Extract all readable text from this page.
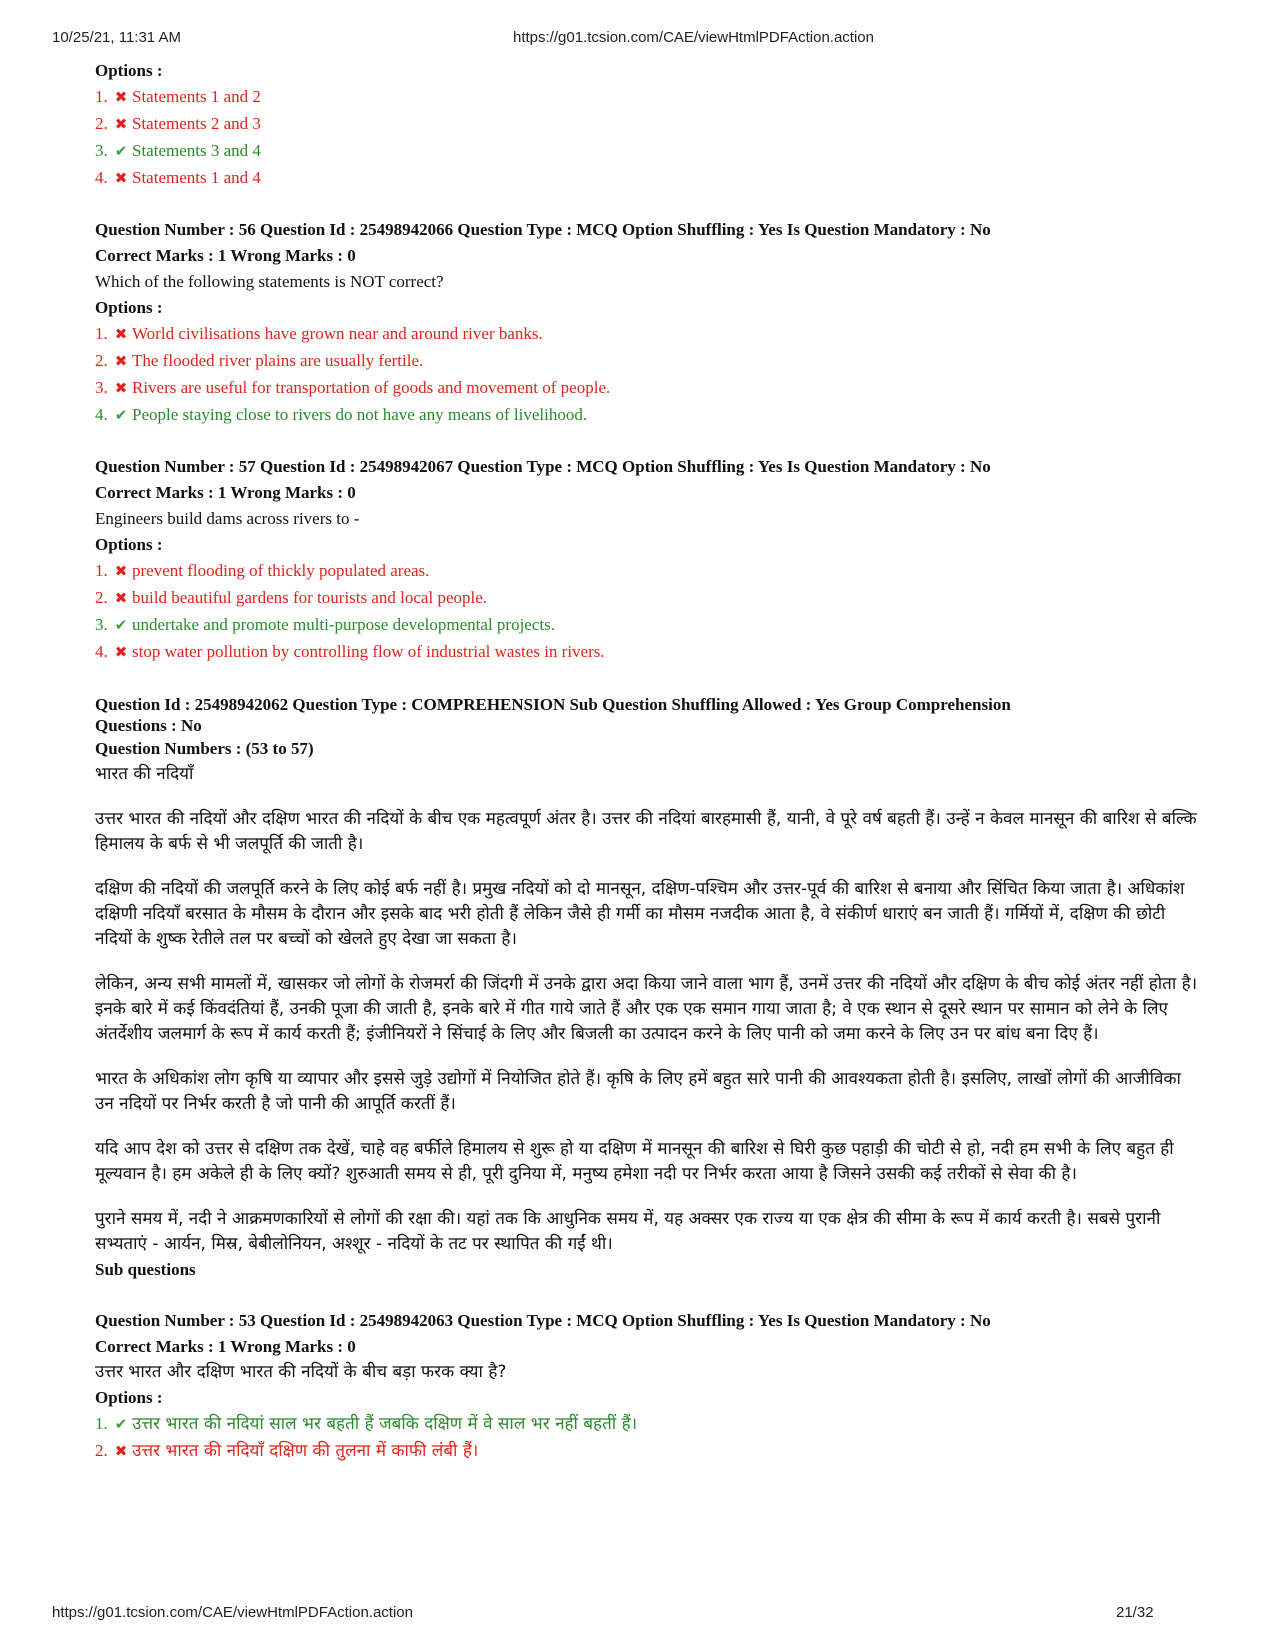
10/25/21, 11:31 AM	https://g01.tcsion.com/CAE/viewHtmlPDFAction.action
Options :
1. ✖ Statements 1 and 2
2. ✖ Statements 2 and 3
3. ✔ Statements 3 and 4
4. ✖ Statements 1 and 4
Question Number : 56 Question Id : 25498942066 Question Type : MCQ Option Shuffling : Yes Is Question Mandatory : No
Correct Marks : 1 Wrong Marks : 0
Which of the following statements is NOT correct?
Options :
1. ✖ World civilisations have grown near and around river banks.
2. ✖ The flooded river plains are usually fertile.
3. ✖ Rivers are useful for transportation of goods and movement of people.
4. ✔ People staying close to rivers do not have any means of livelihood.
Question Number : 57 Question Id : 25498942067 Question Type : MCQ Option Shuffling : Yes Is Question Mandatory : No
Correct Marks : 1 Wrong Marks : 0
Engineers build dams across rivers to -
Options :
1. ✖ prevent flooding of thickly populated areas.
2. ✖ build beautiful gardens for tourists and local people.
3. ✔ undertake and promote multi-purpose developmental projects.
4. ✖ stop water pollution by controlling flow of industrial wastes in rivers.
Question Id : 25498942062 Question Type : COMPREHENSION Sub Question Shuffling Allowed : Yes Group Comprehension
Questions : No
Question Numbers : (53 to 57)
भारत की नदियाँ
उत्तर भारत की नदियों और दक्षिण भारत की नदियों के बीच एक महत्वपूर्ण अंतर है। उत्तर की नदियां बारहमासी हैं, यानी, वे पूरे वर्ष बहती हैं। उन्हें न केवल मानसून की बारिश से बल्कि हिमालय के बर्फ से भी जलपूर्ति की जाती है।
दक्षिण की नदियों की जलपूर्ति करने के लिए कोई बर्फ नहीं है। प्रमुख नदियों को दो मानसून, दक्षिण-पश्चिम और उत्तर-पूर्व की बारिश से बनाया और सिंचित किया जाता है। अधिकांश दक्षिणी नदियाँ बरसात के मौसम के दौरान और इसके बाद भरी होती हैं लेकिन जैसे ही गर्मी का मौसम नजदीक आता है, वे संकीर्ण धाराएं बन जाती हैं। गर्मियों में, दक्षिण की छोटी नदियों के शुष्क रेतीले तल पर बच्चों को खेलते हुए देखा जा सकता है।
लेकिन, अन्य सभी मामलों में, खासकर जो लोगों के रोजमर्रा की जिंदगी में उनके द्वारा अदा किया जाने वाला भाग हैं, उनमें उत्तर की नदियों और दक्षिण के बीच कोई अंतर नहीं होता है। इनके बारे में कई किंवदंतियां हैं, उनकी पूजा की जाती है, इनके बारे में गीत गाये जाते हैं और एक एक समान गाया जाता है; वे एक स्थान से दूसरे स्थान पर सामान को लेने के लिए अंतर्देशीय जलमार्ग के रूप में कार्य करती हैं; इंजीनियरों ने सिंचाई के लिए और बिजली का उत्पादन करने के लिए पानी को जमा करने के लिए उन पर बांध बना दिए हैं।
भारत के अधिकांश लोग कृषि या व्यापार और इससे जुड़े उद्योगों में नियोजित होते हैं। कृषि के लिए हमें बहुत सारे पानी की आवश्यकता होती है। इसलिए, लाखों लोगों की आजीविका उन नदियों पर निर्भर करती है जो पानी की आपूर्ति करतीं हैं।
यदि आप देश को उत्तर से दक्षिण तक देखें, चाहे वह बर्फीले हिमालय से शुरू हो या दक्षिण में मानसून की बारिश से घिरी कुछ पहाड़ी की चोटी से हो, नदी हम सभी के लिए बहुत ही मूल्यवान है। हम अकेले ही के लिए क्यों? शुरुआती समय से ही, पूरी दुनिया में, मनुष्य हमेशा नदी पर निर्भर करता आया है जिसने उसकी कई तरीकों से सेवा की है।
पुराने समय में, नदी ने आक्रमणकारियों से लोगों की रक्षा की। यहां तक कि आधुनिक समय में, यह अक्सर एक राज्य या एक क्षेत्र की सीमा के रूप में कार्य करती है। सबसे पुरानी सभ्यताएं - आर्यन, मिस्र, बेबीलोनियन, अश्शूर - नदियों के तट पर स्थापित की गईं थी।
Sub questions
Question Number : 53 Question Id : 25498942063 Question Type : MCQ Option Shuffling : Yes Is Question Mandatory : No
Correct Marks : 1 Wrong Marks : 0
उत्तर भारत और दक्षिण भारत की नदियों के बीच बड़ा फरक क्या है?
Options :
1. ✔ उत्तर भारत की नदियां साल भर बहती हैं जबकि दक्षिण में वे साल भर नहीं बहतीं हैं।
2. ✖ उत्तर भारत की नदियाँ दक्षिण की तुलना में काफी लंबी हैं।
https://g01.tcsion.com/CAE/viewHtmlPDFAction.action	21/32
